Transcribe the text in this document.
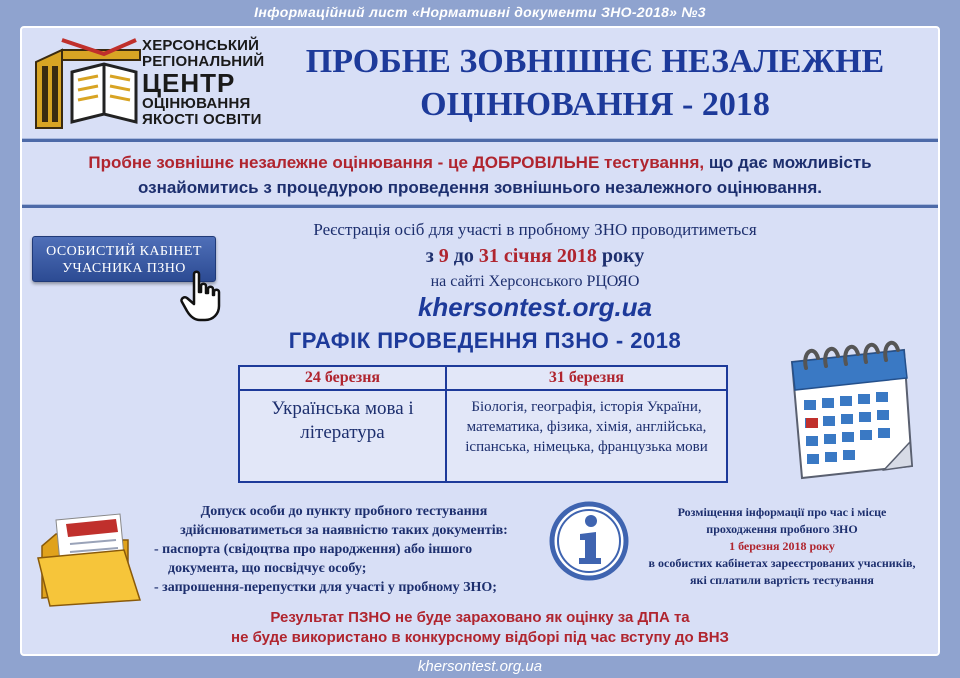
Інформаційний лист «Нормативні документи ЗНО-2018» №3
ХЕРСОНСЬКИЙ
РЕГІОНАЛЬНИЙ
ЦЕНТР
ОЦІНЮВАННЯ
ЯКОСТІ ОСВІТИ
ПРОБНЕ ЗОВНІШНЄ НЕЗАЛЕЖНЕ
ОЦІНЮВАННЯ - 2018
Пробне зовнішнє незалежне оцінювання - це ДОБРОВІЛЬНЕ тестування, що дає можливість
ознайомитись з процедурою проведення зовнішнього незалежного оцінювання.
ОСОБИСТИЙ КАБІНЕТ
УЧАСНИКА ПЗНО
Реєстрація осіб для участі в пробному ЗНО проводитиметься
з 9 до 31 січня 2018 року
на сайті Херсонського РЦОЯО
khersontest.org.ua
ГРАФІК ПРОВЕДЕННЯ ПЗНО - 2018
24 березня	31 березня
Українська мова і
література
Біологія, географія, історія України,
математика, фізика, хімія, англійська,
іспанська, німецька, французька мови
Допуск особи до пункту пробного тестування
здійснюватиметься за наявністю таких документів:
- паспорта (свідоцтва про народження) або іншого
документа, що посвідчує особу;
- запрошення-перепустки для участі у пробному ЗНО;
Розміщення інформації про час і місце
проходження пробного ЗНО
1 березня 2018 року
в особистих кабінетах зареєстрованих учасників,
які сплатили вартість тестування
Результат ПЗНО не буде зараховано як оцінку за ДПА та
не буде використано в конкурсному відборі під час вступу до ВНЗ
khersontest.org.ua
